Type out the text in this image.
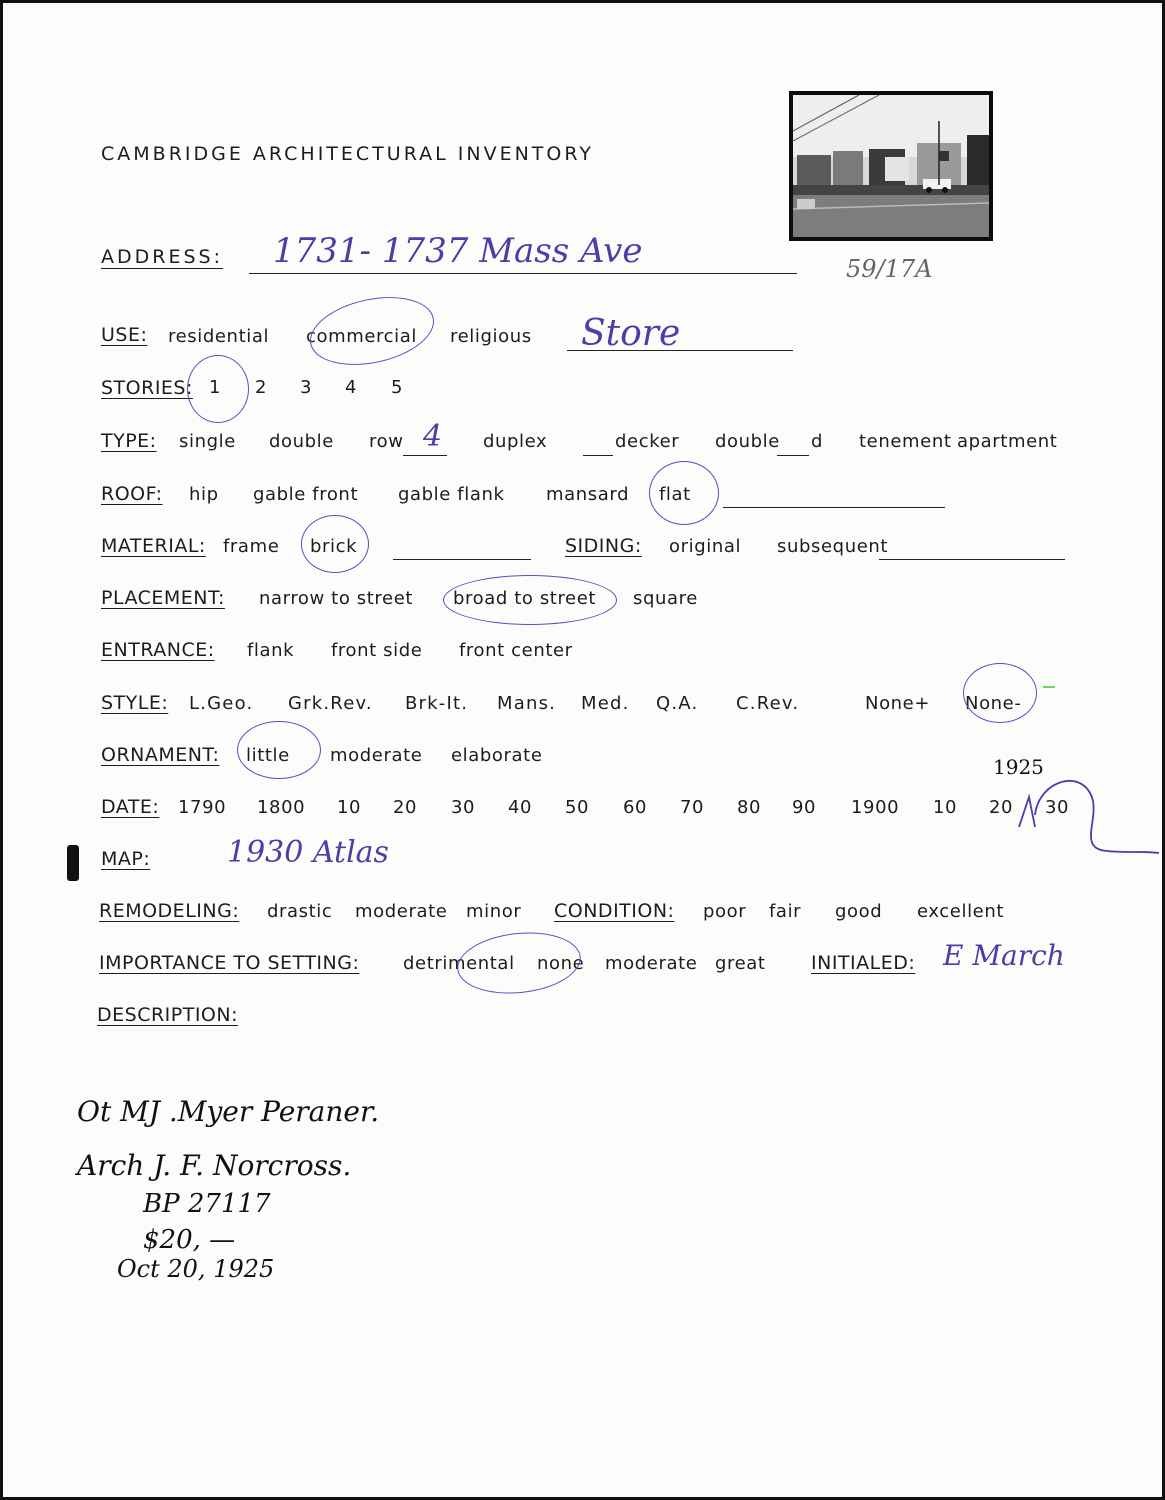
CAMBRIDGE ARCHITECTURAL INVENTORY
59/17A
ADDRESS: 1731- 1737 Mass Ave
USE: residential commercial religious Store
STORIES: 1 2 3 4 5
TYPE: single double row 4 duplex	decker double d tenement apartment
ROOF: hip gable front gable flank mansard flat
MATERIAL: frame brick	SIDING: original subsequent
PLACEMENT: narrow to street broad to street square
ENTRANCE: flank front side front center
STYLE: L.Geo. Grk.Rev. Brk-It. Mans. Med. Q.A. C.Rev.	None+ None-
ORNAMENT: little moderate elaborate
DATE: 1790 1800 10 20 30 40 50 60 70 80 90 1900 10 20 30
1925
MAP:	1930 Atlas
REMODELING: drastic moderate minor CONDITION: poor fair good excellent
IMPORTANCE TO SETTING: detrimental none moderate great INITIALED: E March
DESCRIPTION:
Ot MJ .Myer Peraner.
Arch J. F. Norcross.
BP 27117
$20, —
Oct 20, 1925
